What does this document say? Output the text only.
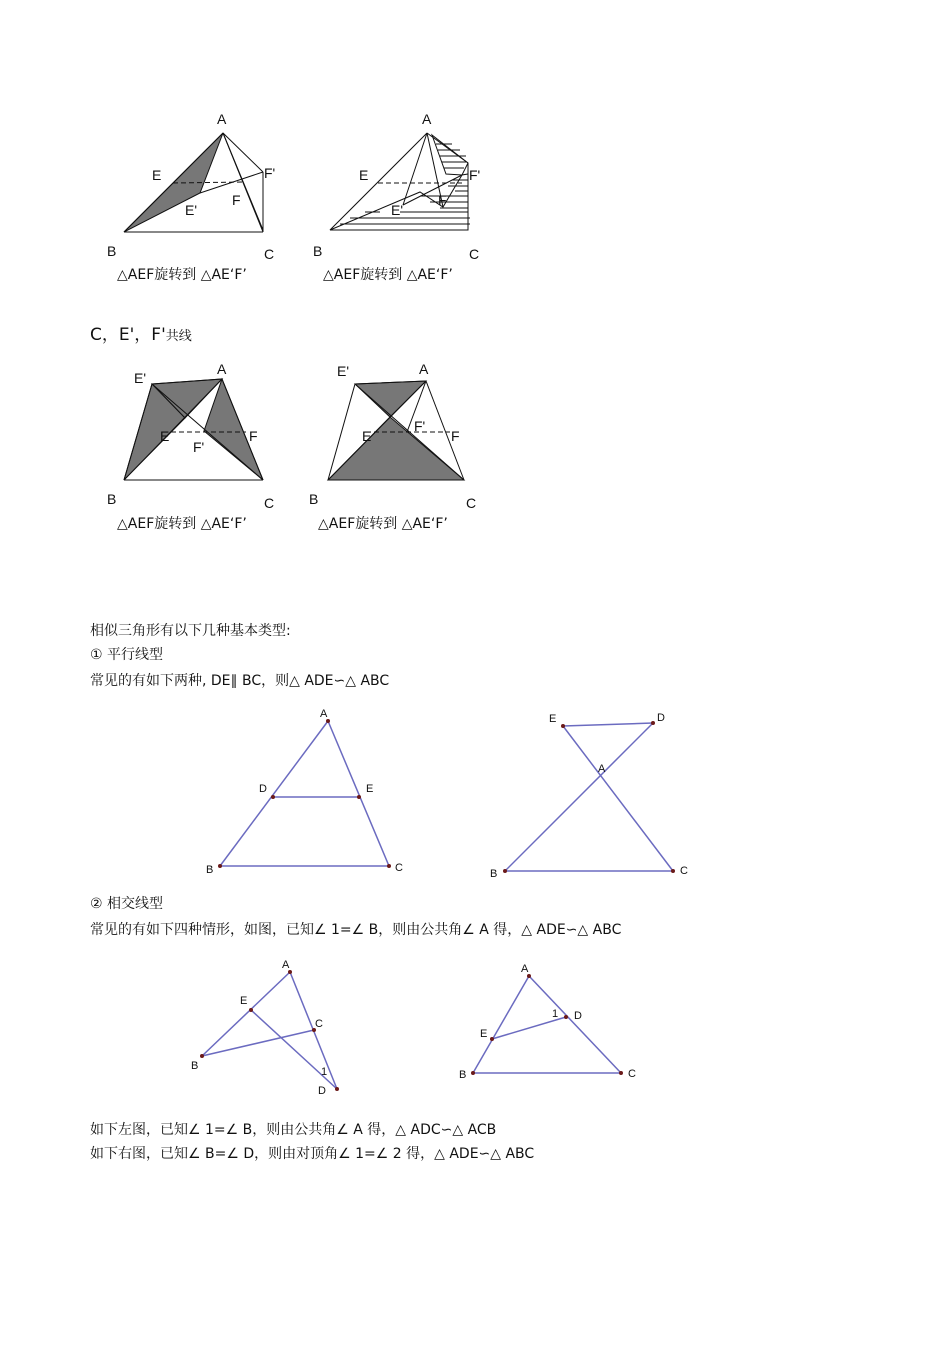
A
E
E'
F
F'
B	C
△AEF旋转到 △AE‘F’
A
E
E'
F
F'
B	C
△AEF旋转到 △AE‘F’
C，E'，F'共线
A
E'
E
F'
F
B	C
△AEF旋转到 △AE‘F’
A
E'
E
F'
F
B	C
△AEF旋转到 △AE‘F’
相似三角形有以下几种基本类型:
① 平行线型
常见的有如下两种, DE∥ BC，则△ ADE∽△ ABC
A
D	E
B	C
E	D
A
B	C
② 相交线型
常见的有如下四种情形，如图，已知∠ 1=∠ B，则由公共角∠ A 得，△ ADE∽△ ABC
A
E
C
B	1
D
A
1 D
E
B	C
如下左图，已知∠ 1=∠ B，则由公共角∠ A 得，△ ADC∽△ ACB
如下右图，已知∠ B=∠ D，则由对顶角∠ 1=∠ 2 得，△ ADE∽△ ABC
